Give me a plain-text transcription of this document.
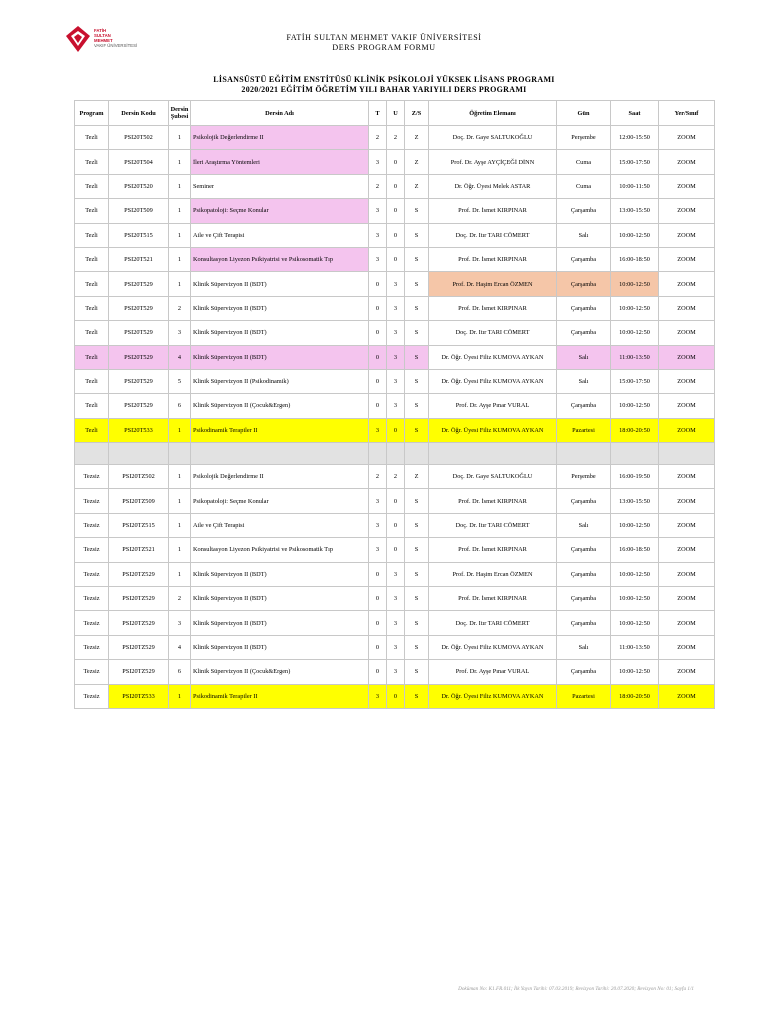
FATİH
SULTAN
MEHMET
VAKIF ÜNİVERSİTESİ
FATİH SULTAN MEHMET VAKIF ÜNİVERSİTESİ
DERS PROGRAM FORMU
LİSANSÜSTÜ EĞİTİM ENSTİTÜSÜ KLİNİK PSİKOLOJİ YÜKSEK LİSANS PROGRAMI
2020/2021 EĞİTİM ÖĞRETİM YILI BAHAR YARIYILI DERS PROGRAMI
Program	Dersin Kodu	Dersin Şubesi	Dersin Adı	T	U	Z/S	Öğretim Elemanı	Gün	Saat	Yer/Sınıf
Tezli	PSI20T502	1	Psikolojik Değerlendirme II	2	2	Z	Doç. Dr. Gaye SALTUKOĞLU	Perşembe	12:00-15:50	ZOOM
Tezli	PSI20T504	1	İleri Araştırma Yöntemleri	3	0	Z	Prof. Dr. Ayşe AYÇİÇEĞİ DİNN	Cuma	15:00-17:50	ZOOM
Tezli	PSI20T520	1	Seminer	2	0	Z	Dr. Öğr. Üyesi Melek ASTAR	Cuma	10:00-11:50	ZOOM
Tezli	PSI20T509	1	Psikopatoloji: Seçme Konular	3	0	S	Prof. Dr. İsmet KIRPINAR	Çarşamba	13:00-15:50	ZOOM
Tezli	PSI20T515	1	Aile ve Çift Terapisi	3	0	S	Doç. Dr. Itır TARI CÖMERT	Salı	10:00-12:50	ZOOM
Tezli	PSI20T521	1	Konsultasyon Liyezon Psikiyatrisi ve Psikosomatik Tıp	3	0	S	Prof. Dr. İsmet KIRPINAR	Çarşamba	16:00-18:50	ZOOM
Tezli	PSI20T529	1	Klinik Süpervizyon II (BDT)	0	3	S	Prof. Dr. Haşim Ercan ÖZMEN	Çarşamba	10:00-12:50	ZOOM
Tezli	PSI20T529	2	Klinik Süpervizyon II (BDT)	0	3	S	Prof. Dr. İsmet KIRPINAR	Çarşamba	10:00-12:50	ZOOM
Tezli	PSI20T529	3	Klinik Süpervizyon II (BDT)	0	3	S	Doç. Dr. Itır TARI CÖMERT	Çarşamba	10:00-12:50	ZOOM
Tezli	PSI20T529	4	Klinik Süpervizyon II (BDT)	0	3	S	Dr. Öğr. Üyesi Filiz KUMOVA AYKAN	Salı	11:00-13:50	ZOOM
Tezli	PSI20T529	5	Klinik Süpervizyon II (Psikodinamik)	0	3	S	Dr. Öğr. Üyesi Filiz KUMOVA AYKAN	Salı	15:00-17:50	ZOOM
Tezli	PSI20T529	6	Klinik Süpervizyon II (Çocuk&Ergen)	0	3	S	Prof. Dr. Ayşe Pınar VURAL	Çarşamba	10:00-12:50	ZOOM
Tezli	PSI20T533	1	Psikodinamik Terapiler II	3	0	S	Dr. Öğr. Üyesi Filiz KUMOVA AYKAN	Pazartesi	18:00-20:50	ZOOM

Tezsiz	PSI20TZ502	1	Psikolojik Değerlendirme II	2	2	Z	Doç. Dr. Gaye SALTUKOĞLU	Perşembe	16:00-19:50	ZOOM
Tezsiz	PSI20TZ509	1	Psikopatoloji: Seçme Konular	3	0	S	Prof. Dr. İsmet KIRPINAR	Çarşamba	13:00-15:50	ZOOM
Tezsiz	PSI20TZ515	1	Aile ve Çift Terapisi	3	0	S	Doç. Dr. Itır TARI CÖMERT	Salı	10:00-12:50	ZOOM
Tezsiz	PSI20TZ521	1	Konsultasyon Liyezon Psikiyatrisi ve Psikosomatik Tıp	3	0	S	Prof. Dr. İsmet KIRPINAR	Çarşamba	16:00-18:50	ZOOM
Tezsiz	PSI20TZ529	1	Klinik Süpervizyon II (BDT)	0	3	S	Prof. Dr. Haşim Ercan ÖZMEN	Çarşamba	10:00-12:50	ZOOM
Tezsiz	PSI20TZ529	2	Klinik Süpervizyon II (BDT)	0	3	S	Prof. Dr. İsmet KIRPINAR	Çarşamba	10:00-12:50	ZOOM
Tezsiz	PSI20TZ529	3	Klinik Süpervizyon II (BDT)	0	3	S	Doç. Dr. Itır TARI CÖMERT	Çarşamba	10:00-12:50	ZOOM
Tezsiz	PSI20TZ529	4	Klinik Süpervizyon II (BDT)	0	3	S	Dr. Öğr. Üyesi Filiz KUMOVA AYKAN	Salı	11:00-13:50	ZOOM
Tezsiz	PSI20TZ529	6	Klinik Süpervizyon II (Çocuk&Ergen)	0	3	S	Prof. Dr. Ayşe Pınar VURAL	Çarşamba	10:00-12:50	ZOOM
Tezsiz	PSI20TZ533	1	Psikodinamik Terapiler II	3	0	S	Dr. Öğr. Üyesi Filiz KUMOVA AYKAN	Pazartesi	18:00-20:50	ZOOM
Doküman No: K1.FR.011; İlk Yayın Tarihi: 07.03.2019; Revizyon Tarihi: 20.07.2020; Revizyon No: 01; Sayfa 1/1
